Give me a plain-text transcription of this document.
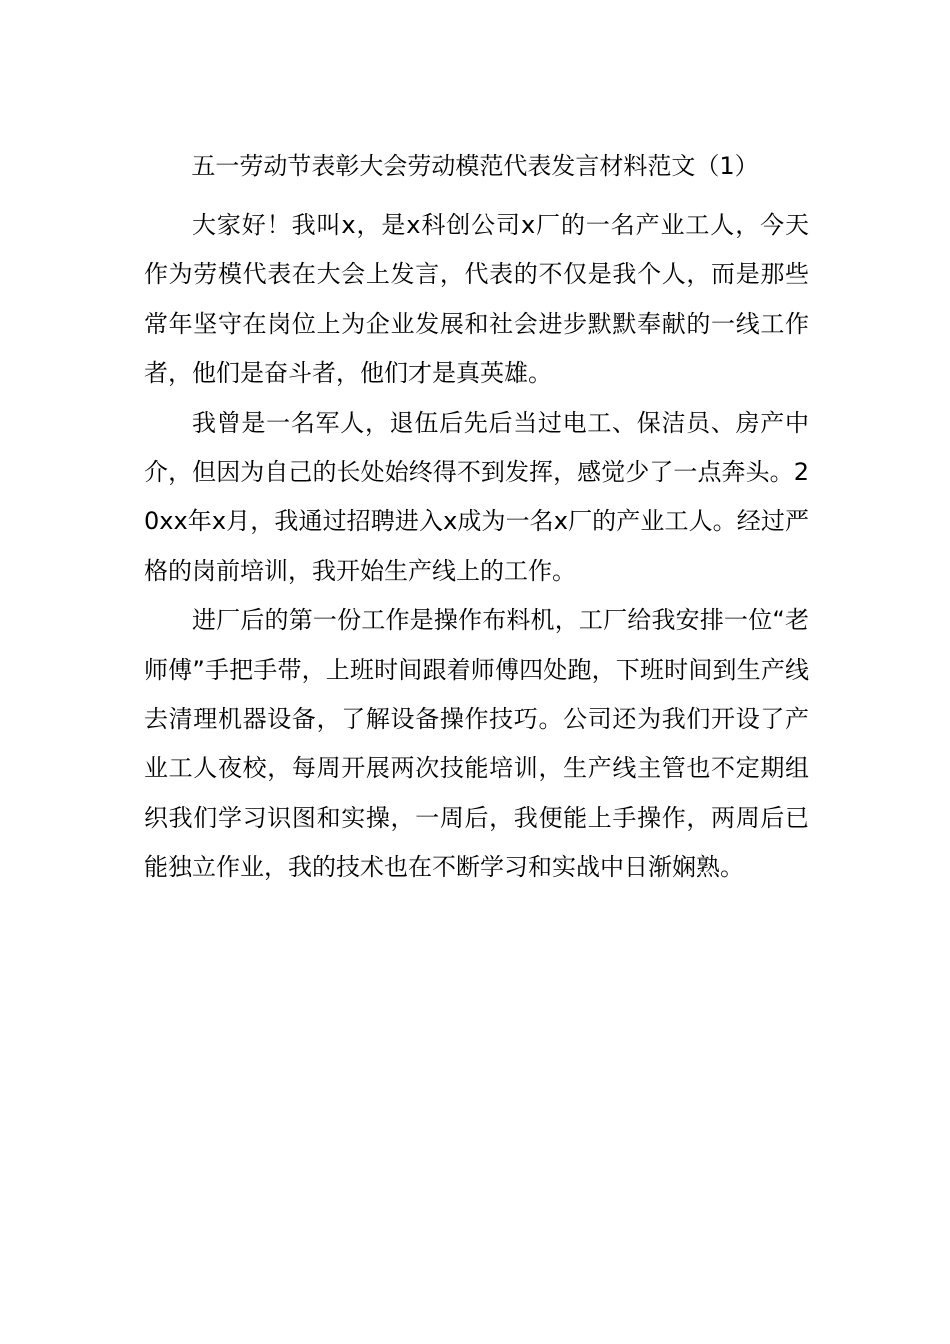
五一劳动节表彰大会劳动模范代表发言材料范文（1）

大家好！我叫x，是x科创公司x厂的一名产业工人，今天作为劳模代表在大会上发言，代表的不仅是我个人，而是那些常年坚守在岗位上为企业发展和社会进步默默奉献的一线工作者，他们是奋斗者，他们才是真英雄。

我曾是一名军人，退伍后先后当过电工、保洁员、房产中介，但因为自己的长处始终得不到发挥，感觉少了一点奔头。20xx年x月，我通过招聘进入x成为一名x厂的产业工人。经过严格的岗前培训，我开始生产线上的工作。

进厂后的第一份工作是操作布料机，工厂给我安排一位“老师傅”手把手带，上班时间跟着师傅四处跑，下班时间到生产线去清理机器设备，了解设备操作技巧。公司还为我们开设了产业工人夜校，每周开展两次技能培训，生产线主管也不定期组织我们学习识图和实操，一周后，我便能上手操作，两周后已能独立作业，我的技术也在不断学习和实战中日渐娴熟。
